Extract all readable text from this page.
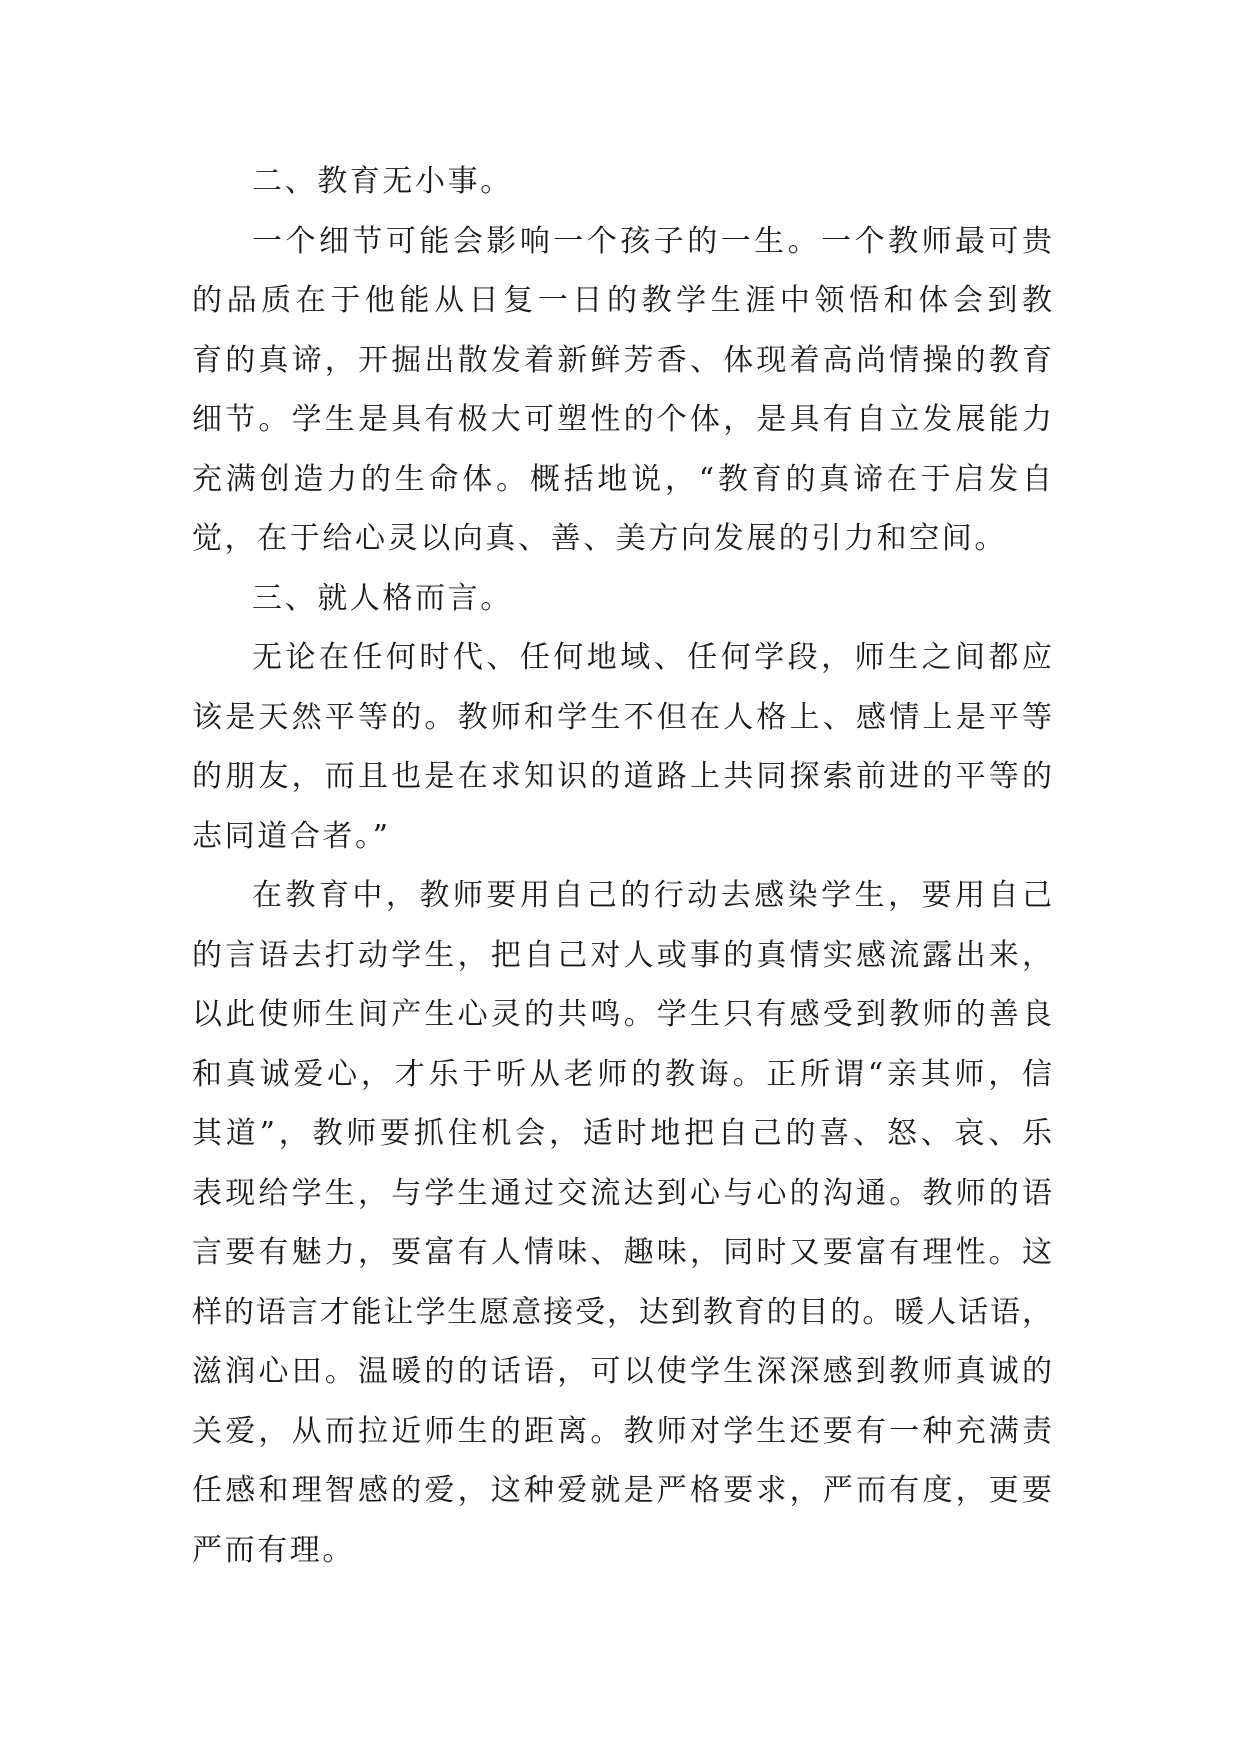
二、教育无小事。
一个细节可能会影响一个孩子的一生。一个教师最可贵
的品质在于他能从日复一日的教学生涯中领悟和体会到教
育的真谛，开掘出散发着新鲜芳香、体现着高尚情操的教育
细节。学生是具有极大可塑性的个体，是具有自立发展能力
充满创造力的生命体。概括地说，“教育的真谛在于启发自
觉，在于给心灵以向真、善、美方向发展的引力和空间。
三、就人格而言。
无论在任何时代、任何地域、任何学段，师生之间都应
该是天然平等的。教师和学生不但在人格上、感情上是平等
的朋友，而且也是在求知识的道路上共同探索前进的平等的
志同道合者。”
在教育中，教师要用自己的行动去感染学生，要用自己
的言语去打动学生，把自己对人或事的真情实感流露出来，
以此使师生间产生心灵的共鸣。学生只有感受到教师的善良
和真诚爱心，才乐于听从老师的教诲。正所谓“亲其师，信
其道”，教师要抓住机会，适时地把自己的喜、怒、哀、乐
表现给学生，与学生通过交流达到心与心的沟通。教师的语
言要有魅力，要富有人情味、趣味，同时又要富有理性。这
样的语言才能让学生愿意接受，达到教育的目的。暖人话语，
滋润心田。温暖的的话语，可以使学生深深感到教师真诚的
关爱，从而拉近师生的距离。教师对学生还要有一种充满责
任感和理智感的爱，这种爱就是严格要求，严而有度，更要
严而有理。
